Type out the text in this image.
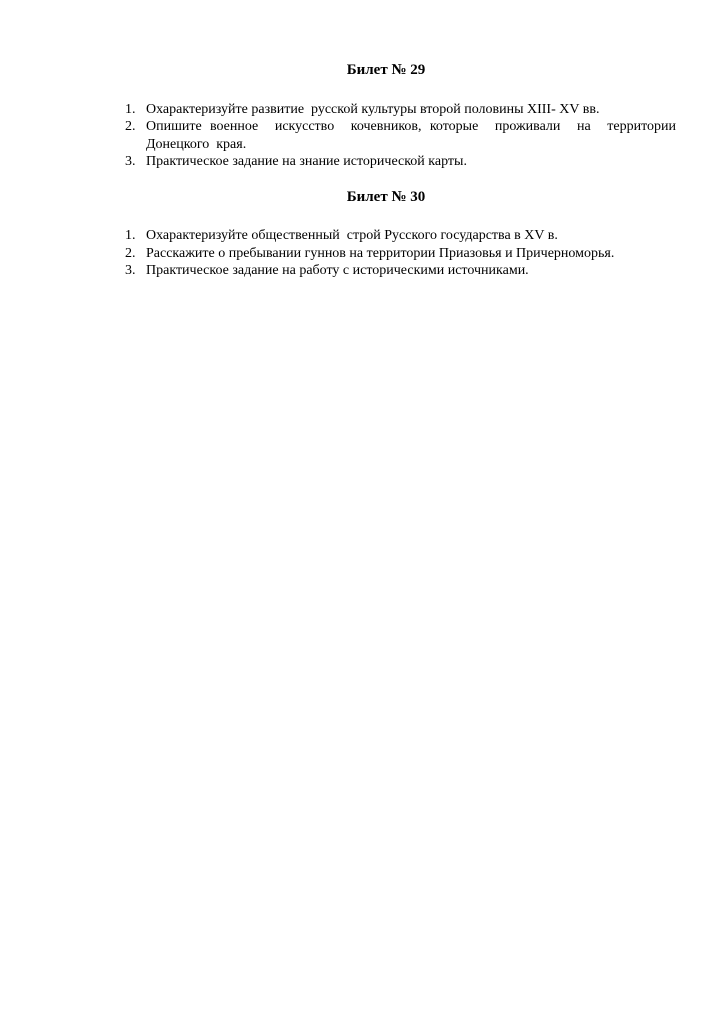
Билет № 29
1. Охарактеризуйте развитие  русской культуры второй половины XIII- XV вв.
2. Опишите военное  искусство  кочевников, которые  проживали  на  территории Донецкого  края.
3. Практическое задание на знание исторической карты.
Билет № 30
1. Охарактеризуйте общественный  строй Русского государства в XV в.
2. Расскажите о пребывании гуннов на территории Приазовья и Причерноморья.
3. Практическое задание на работу с историческими источниками.
